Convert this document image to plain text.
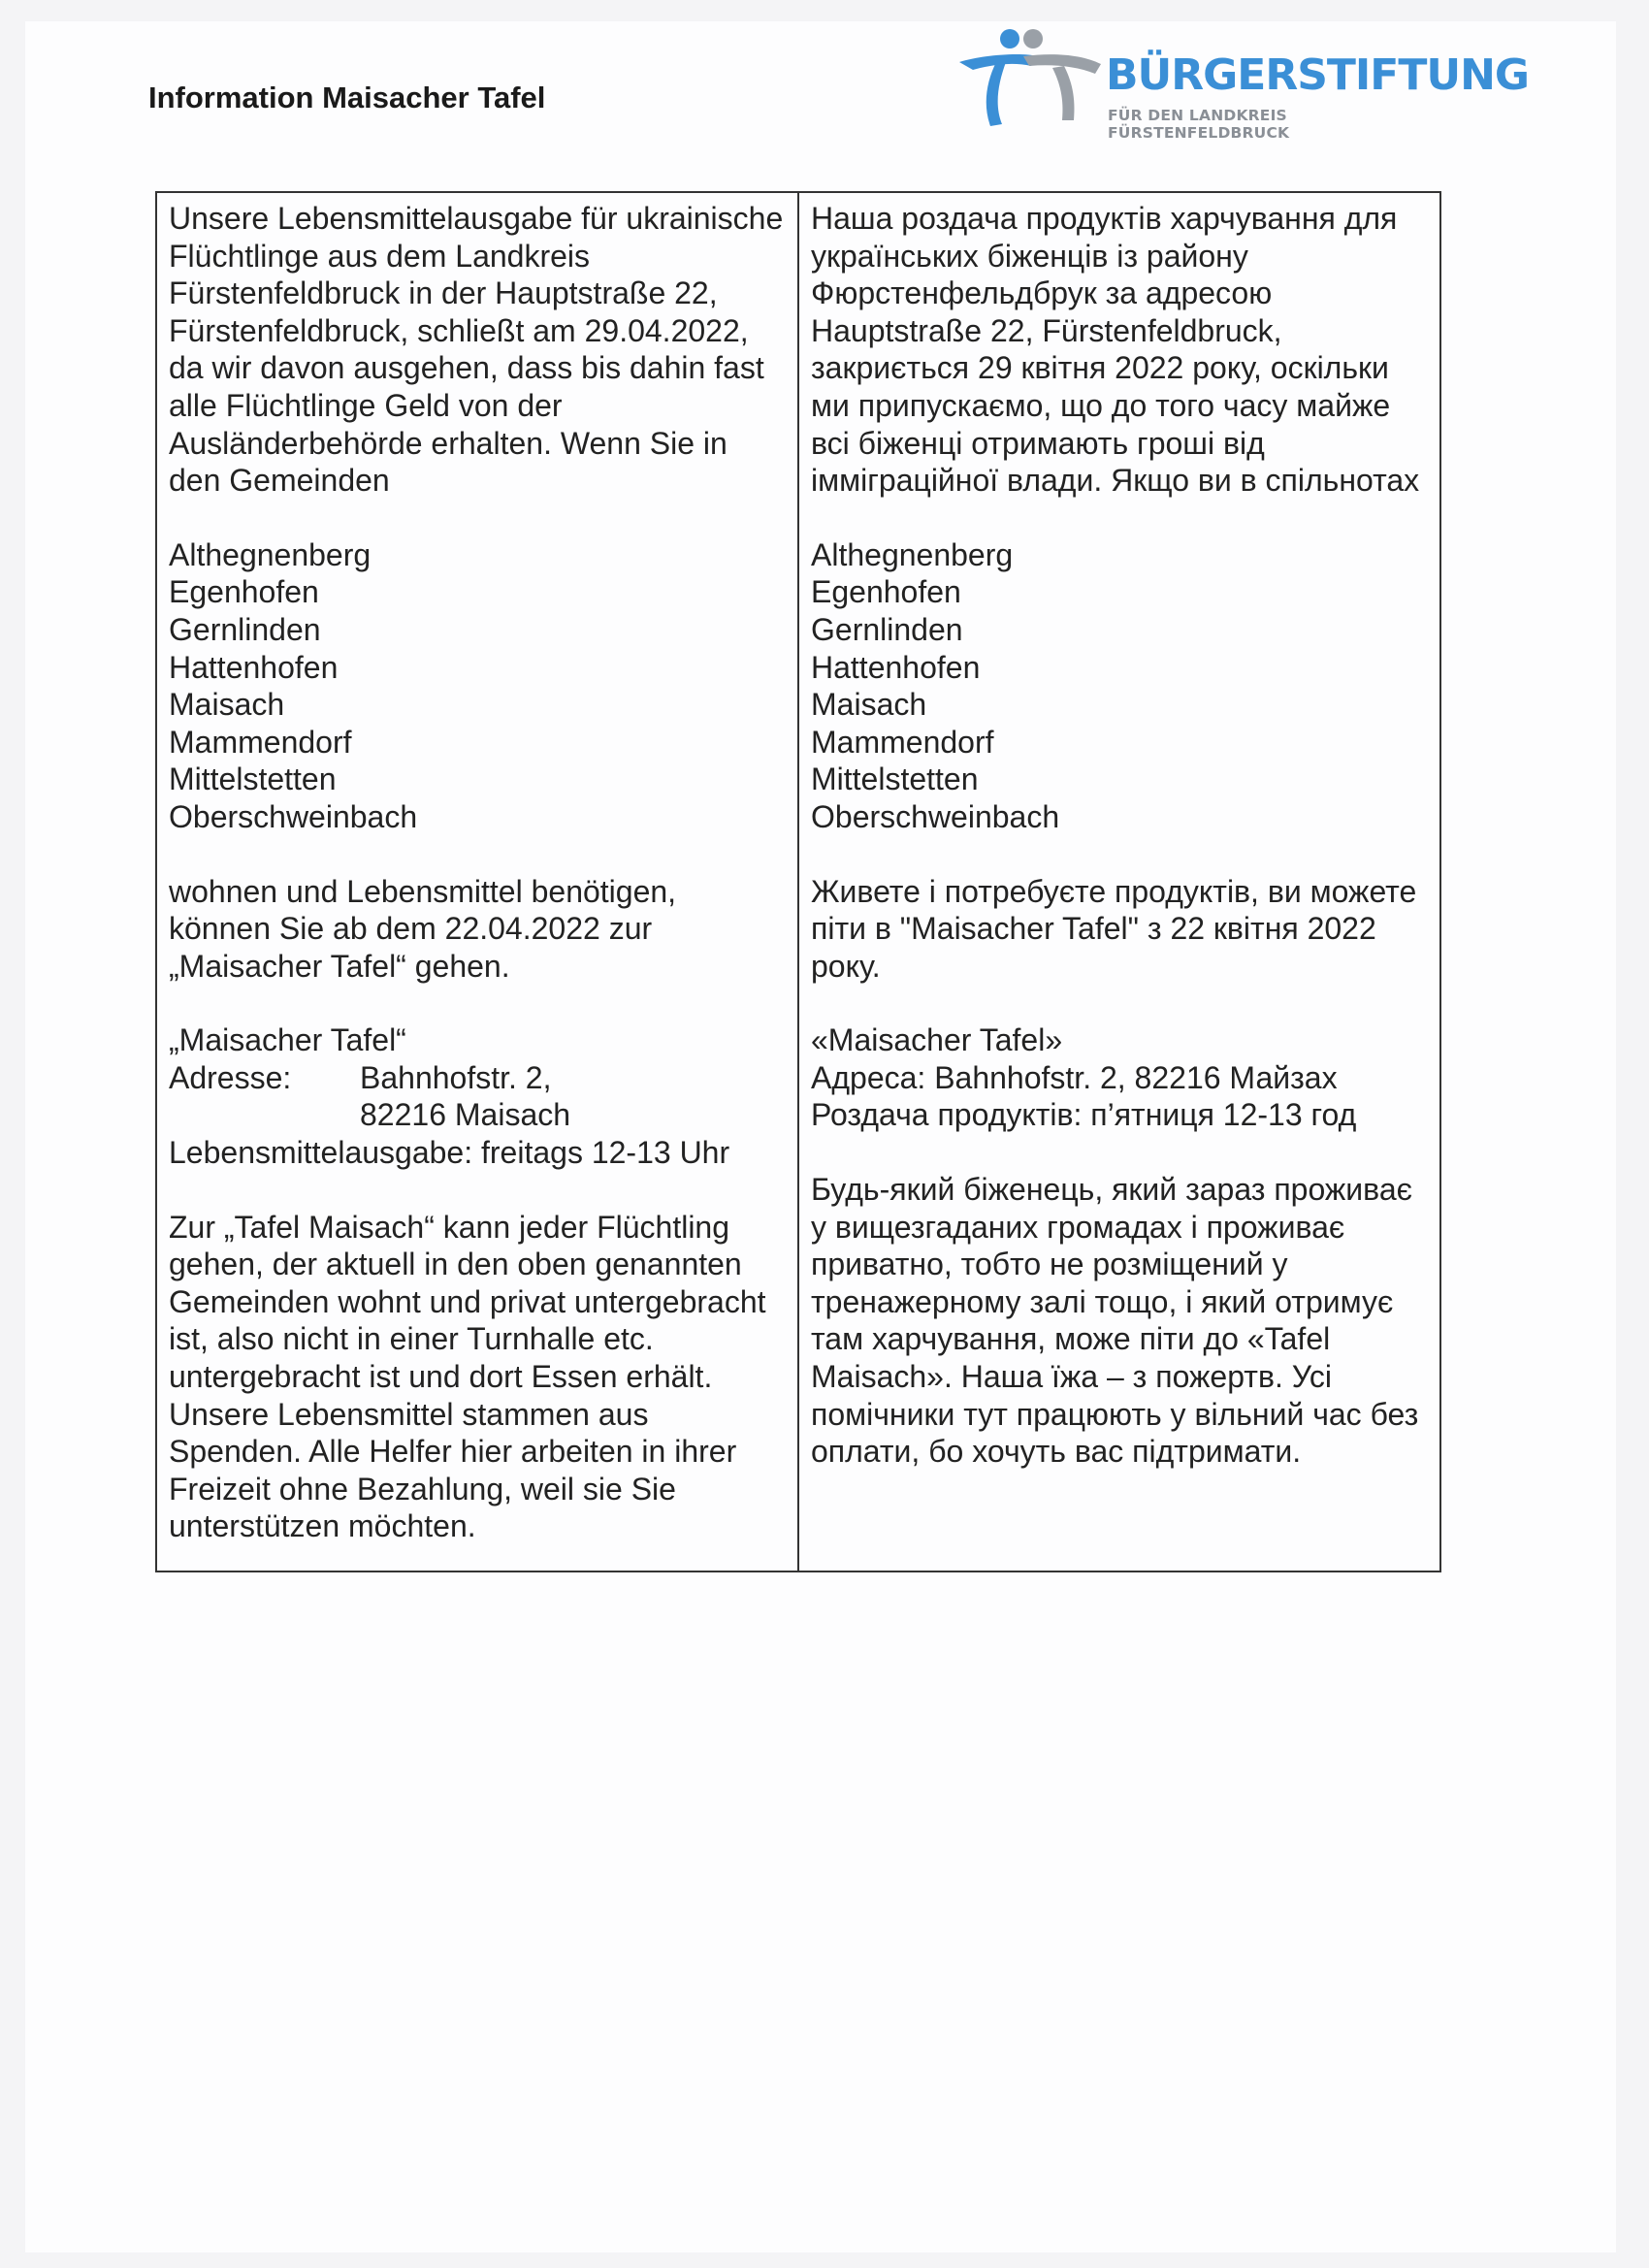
Information Maisacher Tafel	BÜRGERSTIFTUNG
FÜR DEN LANDKREIS FÜRSTENFELDBRUCK
Unsere Lebensmittelausgabe für ukrainische Flüchtlinge aus dem Landkreis Fürstenfeldbruck in der Hauptstraße 22, Fürstenfeldbruck, schließt am 29.04.2022, da wir davon ausgehen, dass bis dahin fast alle Flüchtlinge Geld von der Ausländerbehörde erhalten. Wenn Sie in den Gemeinden
Althegnenberg
Egenhofen
Gernlinden
Hattenhofen
Maisach
Mammendorf
Mittelstetten
Oberschweinbach
wohnen und Lebensmittel benötigen, können Sie ab dem 22.04.2022 zur „Maisacher Tafel“ gehen.
„Maisacher Tafel“
Adresse:	Bahnhofstr. 2,
82216 Maisach
Lebensmittelausgabe: freitags 12-13 Uhr
Zur „Tafel Maisach“ kann jeder Flüchtling gehen, der aktuell in den oben genannten Gemeinden wohnt und privat untergebracht ist, also nicht in einer Turnhalle etc. untergebracht ist und dort Essen erhält. Unsere Lebensmittel stammen aus Spenden. Alle Helfer hier arbeiten in ihrer Freizeit ohne Bezahlung, weil sie Sie unterstützen möchten.

Наша роздача продуктів харчування для українських біженців із району Фюрстенфельдбрук за адресою Hauptstraße 22, Fürstenfeldbruck, закриється 29 квітня 2022 року, оскільки ми припускаємо, що до того часу майже всі біженці отримають гроші від імміграційної влади. Якщо ви в спільнотах
Althegnenberg
Egenhofen
Gernlinden
Hattenhofen
Maisach
Mammendorf
Mittelstetten
Oberschweinbach
Живете і потребуєте продуктів, ви можете піти в "Maisacher Tafel" з 22 квітня 2022 року.
«Maisacher Tafel»
Адреса: Bahnhofstr. 2, 82216 Майзах
Роздача продуктів: п’ятниця 12-13 год
Будь-який біженець, який зараз проживає у вищезгаданих громадах і проживає приватно, тобто не розміщений у тренажерному залі тощо, і який отримує там харчування, може піти до «Tafel Maisach». Наша їжа – з пожертв. Усі помічники тут працюють у вільний час без оплати, бо хочуть вас підтримати.
